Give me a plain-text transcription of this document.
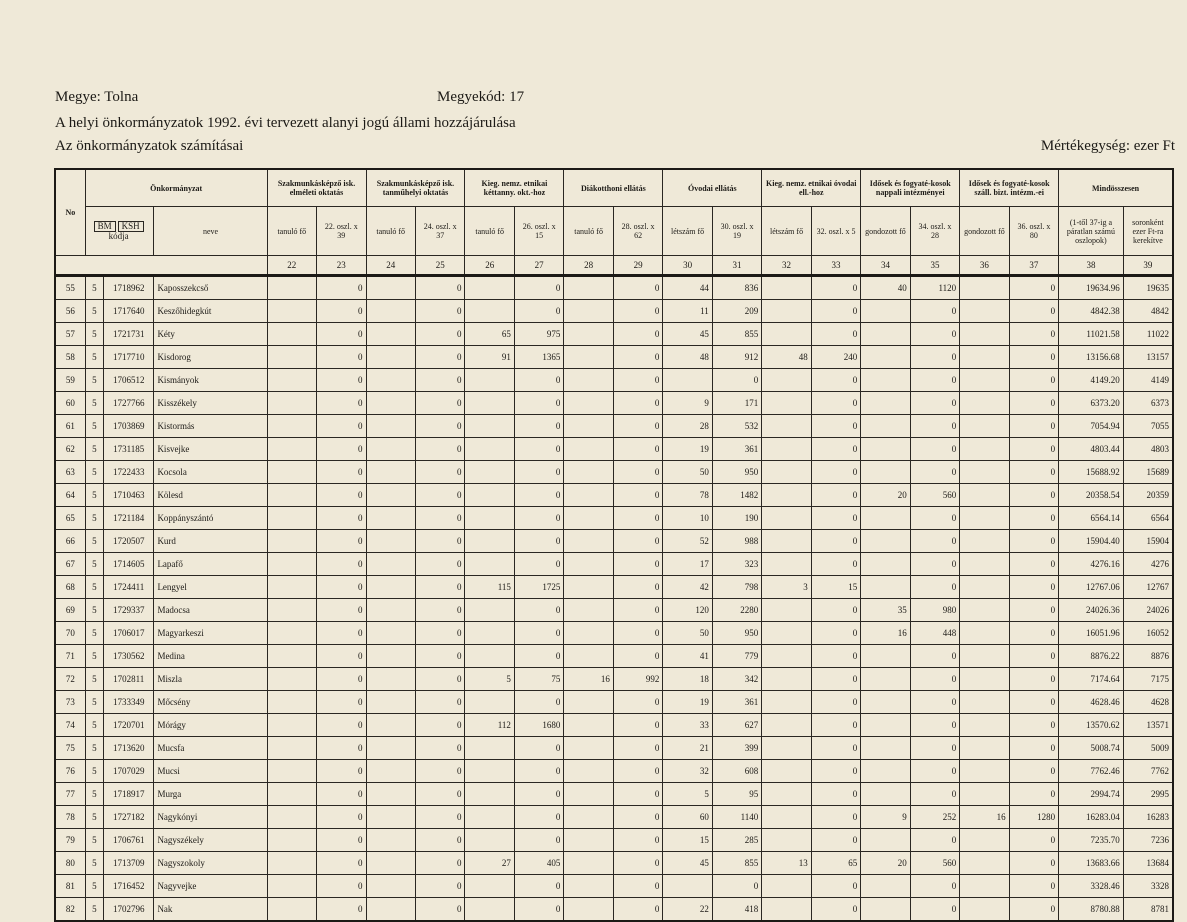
Megye: Tolna	Megyekód: 17
A helyi önkormányzatok 1992. évi tervezett alanyi jogú állami hozzájárulása
Az önkormányzatok számításai	Mértékegység: ezer Ft
No	Önkormányzat			Szakmunkásképző isk. elméleti oktatás		Szakmunkásképző isk. tanműhelyi oktatás		Kieg. nemz. etnikai kéttanny. okt.-hoz		Diákotthoni ellátás		Óvodai ellátás		Kieg. nemz. etnikai óvodai ell.-hoz		Idősek és fogyaté-kosok nappali intézményei		Idősek és fogyaté-kosok száll. bizt. intézm.-ei		Mindösszesen	
	BM KSH
kódja		neve	tanuló fő	22. oszl. x 39	tanuló fő	24. oszl. x 37	tanuló fő	26. oszl. x 15	tanuló fő	28. oszl. x 62	létszám fő	30. oszl. x 19	létszám fő	32. oszl. x 5	gondozott fő	34. oszl. x 28	gondozott fő	36. oszl. x 80	(1-től 37-ig a páratlan számú oszlopok)	soronként ezer Ft-ra kerekítve
				22	23	24	25	26	27	28	29	30	31	32	33	34	35	36	37	38	39
55	5	1718962	Kaposszekcső		0		0		0		0	44	836		0	40	1120		0	19634.96	19635
56	5	1717640	Keszőhidegkút		0		0		0		0	11	209		0		0		0	4842.38	4842
57	5	1721731	Kéty		0		0	65	975		0	45	855		0		0		0	11021.58	11022
58	5	1717710	Kisdorog		0		0	91	1365		0	48	912	48	240		0		0	13156.68	13157
59	5	1706512	Kismányok		0		0		0		0		0		0		0		0	4149.20	4149
60	5	1727766	Kisszékely		0		0		0		0	9	171		0		0		0	6373.20	6373
61	5	1703869	Kistormás		0		0		0		0	28	532		0		0		0	7054.94	7055
62	5	1731185	Kisvejke		0		0		0		0	19	361		0		0		0	4803.44	4803
63	5	1722433	Kocsola		0		0		0		0	50	950		0		0		0	15688.92	15689
64	5	1710463	Kölesd		0		0		0		0	78	1482		0	20	560		0	20358.54	20359
65	5	1721184	Koppányszántó		0		0		0		0	10	190		0		0		0	6564.14	6564
66	5	1720507	Kurd		0		0		0		0	52	988		0		0		0	15904.40	15904
67	5	1714605	Lapafő		0		0		0		0	17	323		0		0		0	4276.16	4276
68	5	1724411	Lengyel		0		0	115	1725		0	42	798	3	15		0		0	12767.06	12767
69	5	1729337	Madocsa		0		0		0		0	120	2280		0	35	980		0	24026.36	24026
70	5	1706017	Magyarkeszi		0		0		0		0	50	950		0	16	448		0	16051.96	16052
71	5	1730562	Medina		0		0		0		0	41	779		0		0		0	8876.22	8876
72	5	1702811	Miszla		0		0	5	75	16	992	18	342		0		0		0	7174.64	7175
73	5	1733349	Mőcsény		0		0		0		0	19	361		0		0		0	4628.46	4628
74	5	1720701	Mórágy		0		0	112	1680		0	33	627		0		0		0	13570.62	13571
75	5	1713620	Mucsfa		0		0		0		0	21	399		0		0		0	5008.74	5009
76	5	1707029	Mucsi		0		0		0		0	32	608		0		0		0	7762.46	7762
77	5	1718917	Murga		0		0		0		0	5	95		0		0		0	2994.74	2995
78	5	1727182	Nagykónyi		0		0		0		0	60	1140		0	9	252	16	1280	16283.04	16283
79	5	1706761	Nagyszékely		0		0		0		0	15	285		0		0		0	7235.70	7236
80	5	1713709	Nagyszokoly		0		0	27	405		0	45	855	13	65	20	560		0	13683.66	13684
81	5	1716452	Nagyvejke		0		0		0		0		0		0		0		0	3328.46	3328
82	5	1702796	Nak		0		0		0		0	22	418		0		0		0	8780.88	8781
